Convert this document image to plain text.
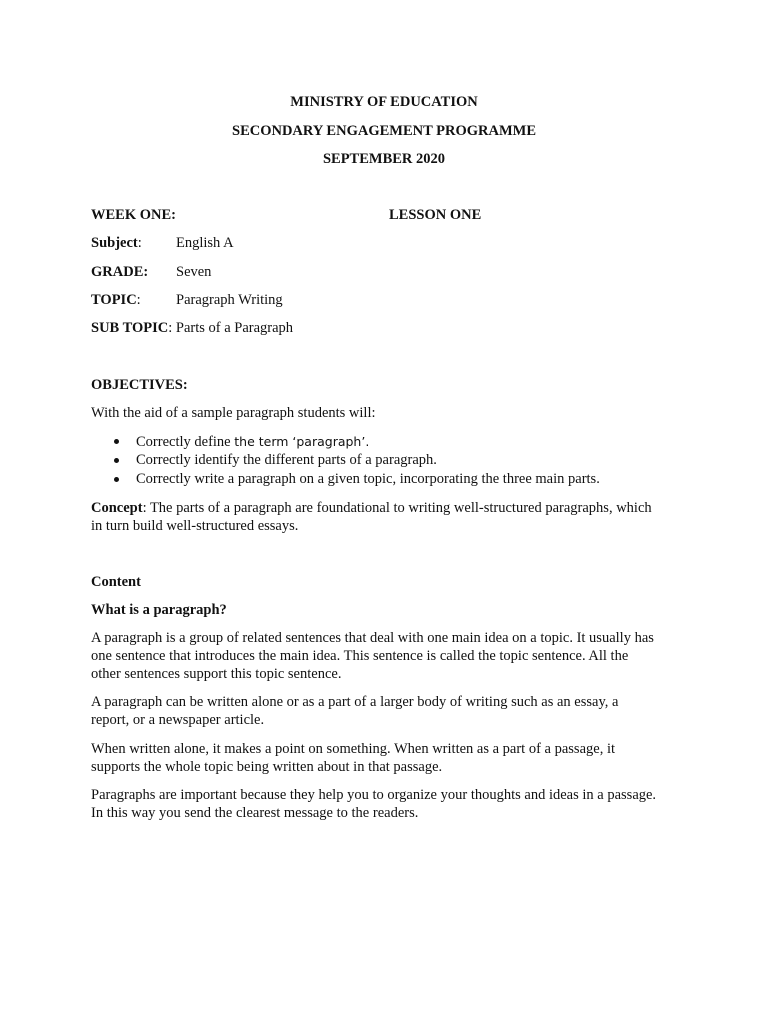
MINISTRY OF EDUCATION
SECONDARY ENGAGEMENT PROGRAMME
SEPTEMBER 2020
WEEK ONE:	LESSON ONE
Subject: English A
GRADE: Seven
TOPIC: Paragraph Writing
SUB TOPIC: Parts of a Paragraph
OBJECTIVES:
With the aid of a sample paragraph students will:
Correctly define the term ‘paragraph’.
Correctly identify the different parts of a paragraph.
Correctly write a paragraph on a given topic, incorporating the three main parts.
Concept: The parts of a paragraph are foundational to writing well-structured paragraphs, which
in turn build well-structured essays.
Content
What is a paragraph?
A paragraph is a group of related sentences that deal with one main idea on a topic. It usually has
one sentence that introduces the main idea. This sentence is called the topic sentence. All the
other sentences support this topic sentence.
A paragraph can be written alone or as a part of a larger body of writing such as an essay, a
report, or a newspaper article.
When written alone, it makes a point on something. When written as a part of a passage, it
supports the whole topic being written about in that passage.
Paragraphs are important because they help you to organize your thoughts and ideas in a passage.
In this way you send the clearest message to the readers.
